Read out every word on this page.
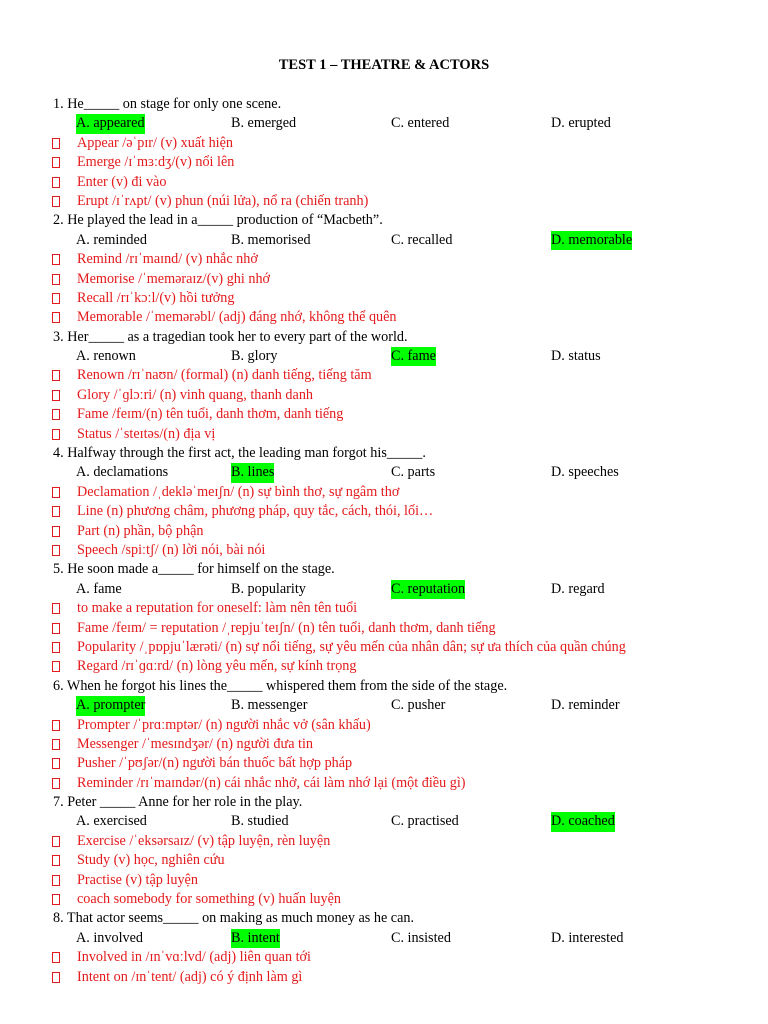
TEST 1 – THEATRE & ACTORS
1. He_____ on stage for only one scene.
A. appeared	B. emerged	C. entered	D. erupted
Appear /əˈpɪr/ (v) xuất hiện
Emerge /ɪˈmɜːdʒ/(v) nổi lên
Enter (v) đi vào
Erupt /ɪˈrʌpt/ (v) phun (núi lửa), nổ ra (chiến tranh)
2. He played the lead in a_____ production of “Macbeth”.
A. reminded	B. memorised	C. recalled	D. memorable
Remind /rɪˈmaɪnd/ (v) nhắc nhở
Memorise /ˈmeməraɪz/(v) ghi nhớ
Recall /rɪˈkɔːl/(v) hồi tưởng
Memorable /ˈmemərəbl/ (adj) đáng nhớ, không thể quên
3. Her_____ as a tragedian took her to every part of the world.
A. renown	B. glory	C. fame	D. status
Renown /rɪˈnaʊn/ (formal) (n) danh tiếng, tiếng tăm
Glory /ˈɡlɔːri/ (n) vinh quang, thanh danh
Fame /feɪm/(n) tên tuổi, danh thơm, danh tiếng
Status /ˈsteɪtəs/(n) địa vị
4. Halfway through the first act, the leading man forgot his_____.
A. declamations	B. lines	C. parts	D. speeches
Declamation /ˌdekləˈmeɪʃn/ (n) sự bình thơ, sự ngâm thơ
Line (n) phương châm, phương pháp, quy tắc, cách, thói, lối…
Part (n) phần, bộ phận
Speech /spiːtʃ/ (n) lời nói, bài nói
5. He soon made a_____ for himself on the stage.
A. fame	B. popularity	C. reputation	D. regard
to make a reputation for oneself: làm nên tên tuổi
Fame /feɪm/ = reputation /ˌrepjuˈteɪʃn/ (n) tên tuổi, danh thơm, danh tiếng
Popularity /ˌpɒpjuˈlærəti/ (n) sự nổi tiếng, sự yêu mến của nhân dân; sự ưa thích của quần chúng
Regard /rɪˈɡɑːrd/ (n) lòng yêu mến, sự kính trọng
6. When he forgot his lines the_____ whispered them from the side of the stage.
A. prompter	B. messenger	C. pusher	D. reminder
Prompter /ˈprɑːmptər/ (n) người nhắc vở (sân khấu)
Messenger /ˈmesɪndʒər/ (n) người đưa tin
Pusher /ˈpʊʃər/(n) người bán thuốc bất hợp pháp
Reminder /rɪˈmaɪndər/(n) cái nhắc nhở, cái làm nhớ lại (một điều gì)
7. Peter _____ Anne for her role in the play.
A. exercised	B. studied	C. practised	D. coached
Exercise /ˈeksərsaɪz/ (v) tập luyện, rèn luyện
Study (v) học, nghiên cứu
Practise (v) tập luyện
coach somebody for something (v) huấn luyện
8. That actor seems_____ on making as much money as he can.
A. involved	B. intent	C. insisted	D. interested
Involved in /ɪnˈvɑːlvd/ (adj) liên quan tới
Intent on /ɪnˈtent/ (adj) có ý định làm gì
